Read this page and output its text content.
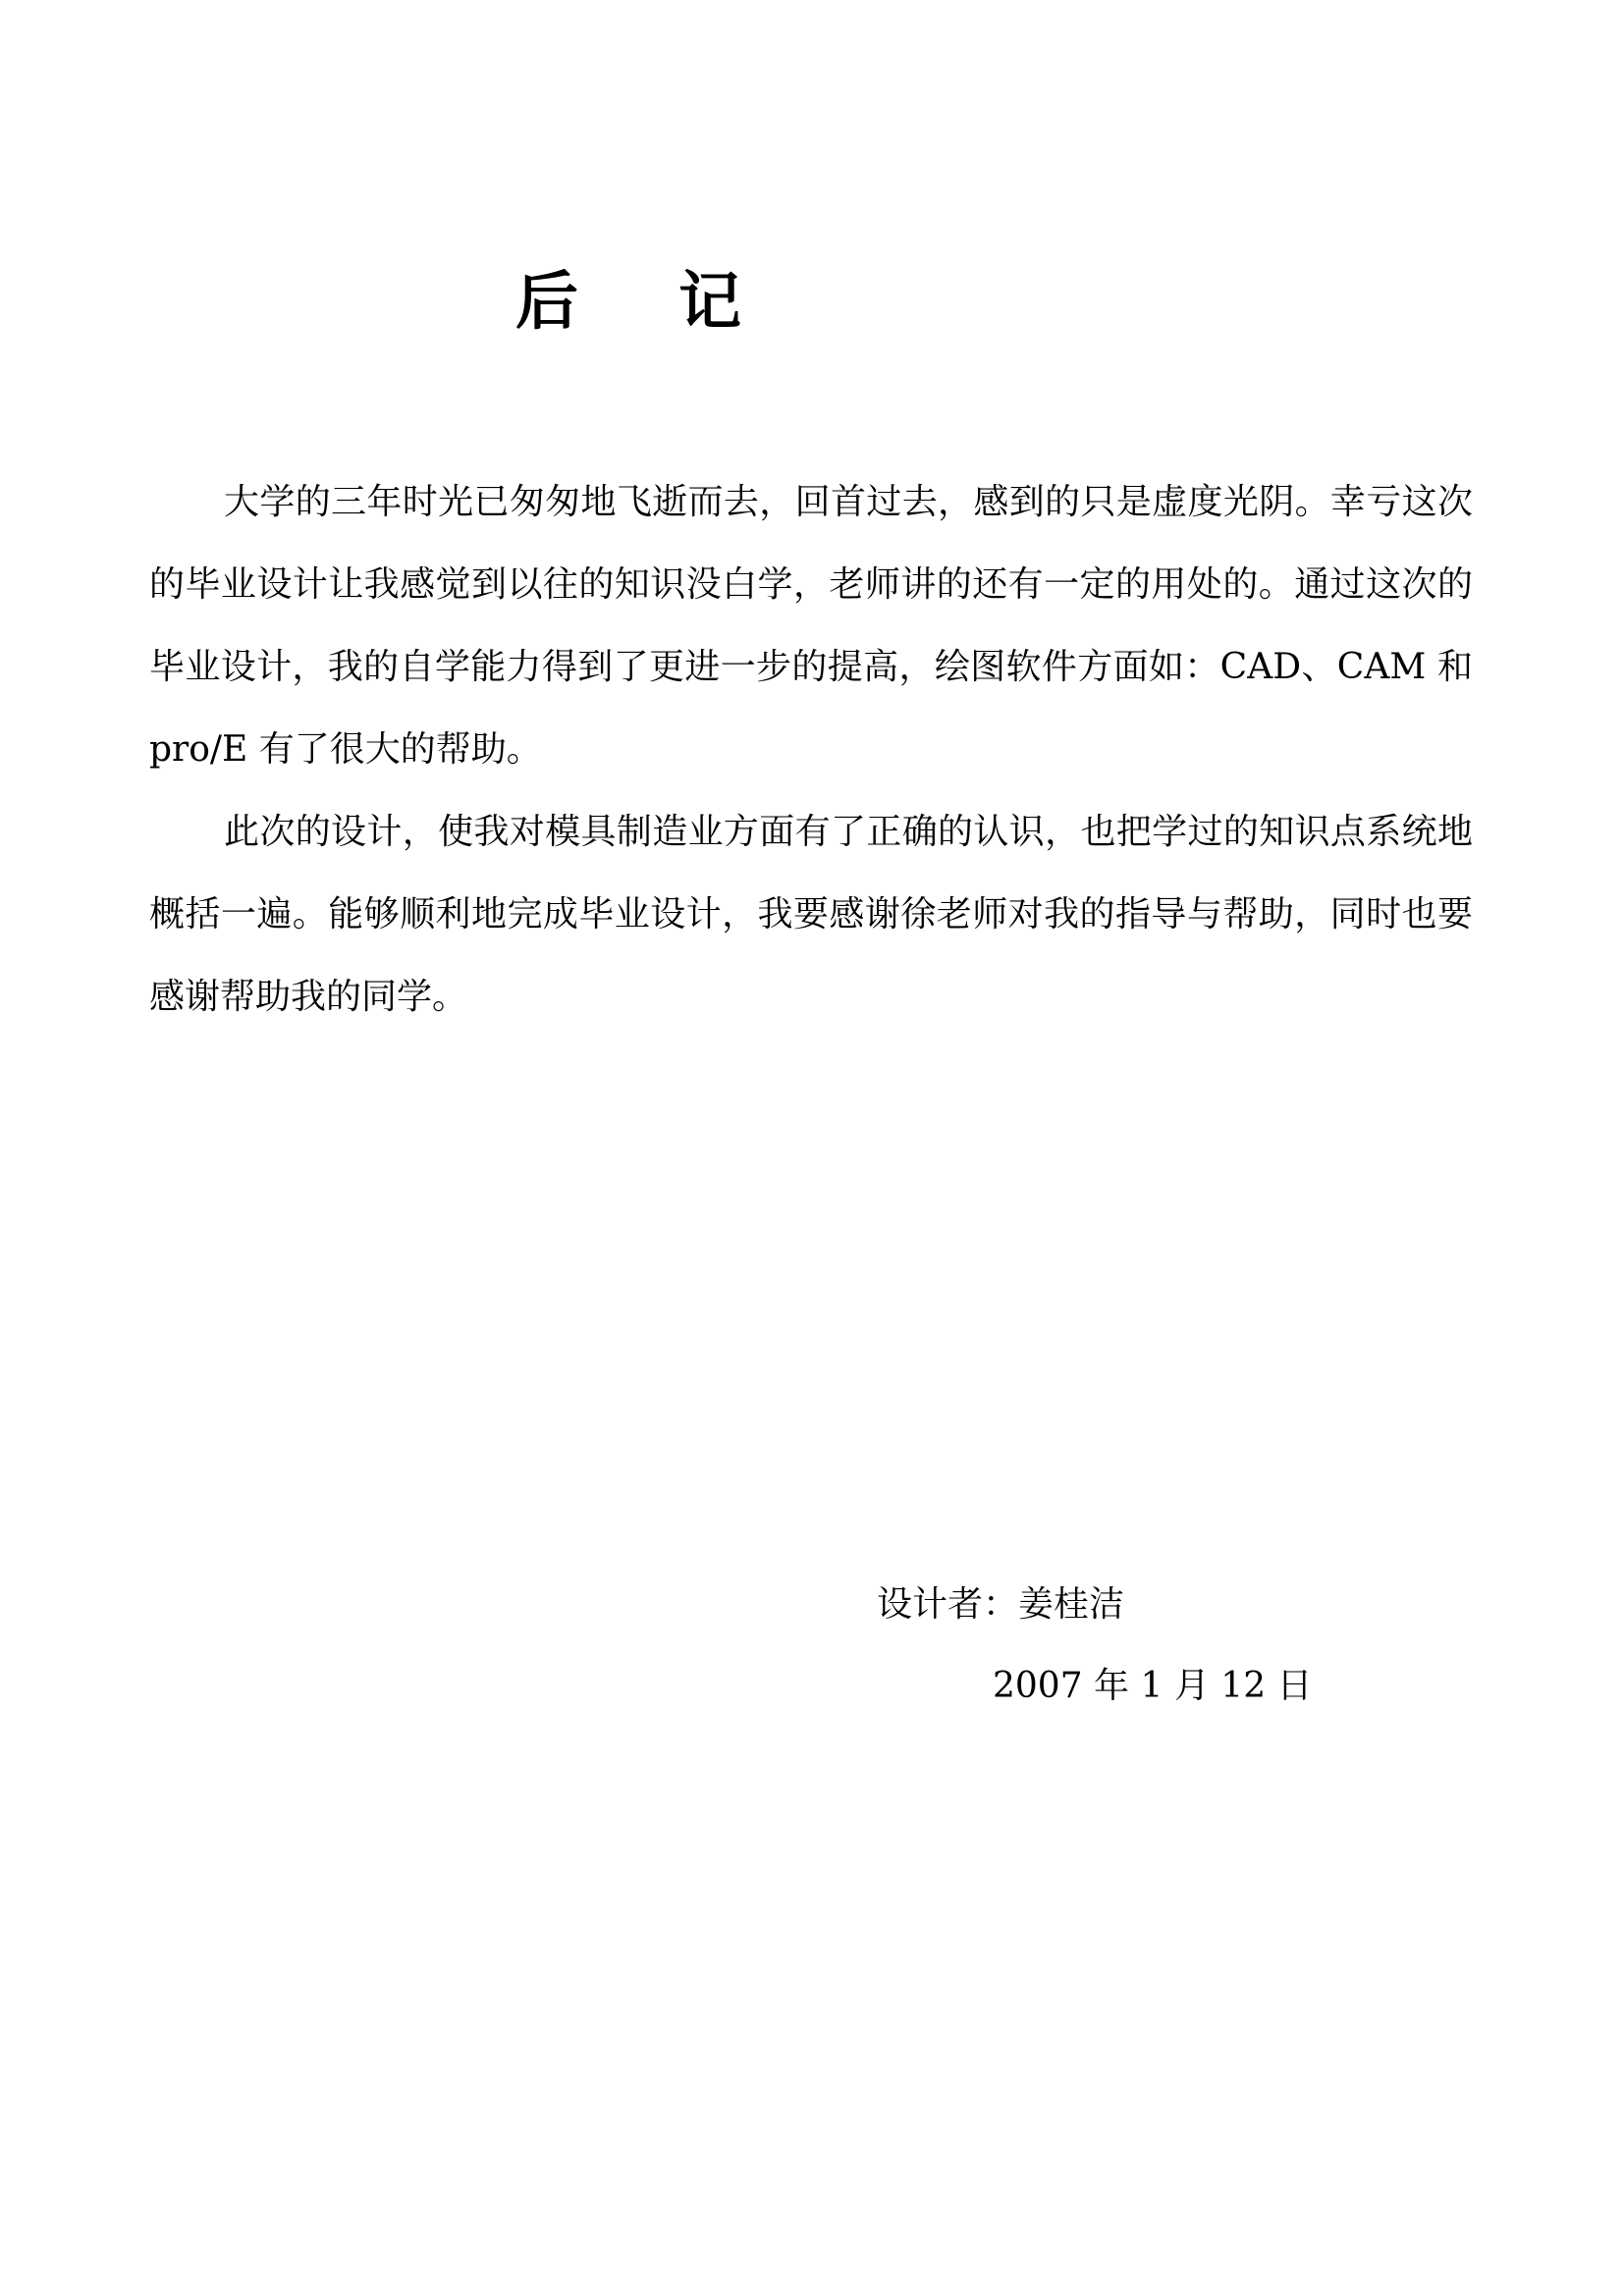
后 记

大学的三年时光已匆匆地飞逝而去，回首过去，感到的只是虚度光阴。幸亏这次的毕业设计让我感觉到以往的知识没白学，老师讲的还有一定的用处的。通过这次的毕业设计，我的自学能力得到了更进一步的提高，绘图软件方面如：CAD、CAM 和 pro/E 有了很大的帮助。

此次的设计，使我对模具制造业方面有了正确的认识，也把学过的知识点系统地概括一遍。能够顺利地完成毕业设计，我要感谢徐老师对我的指导与帮助，同时也要感谢帮助我的同学。

设计者：姜桂洁
2007 年 1 月 12 日
